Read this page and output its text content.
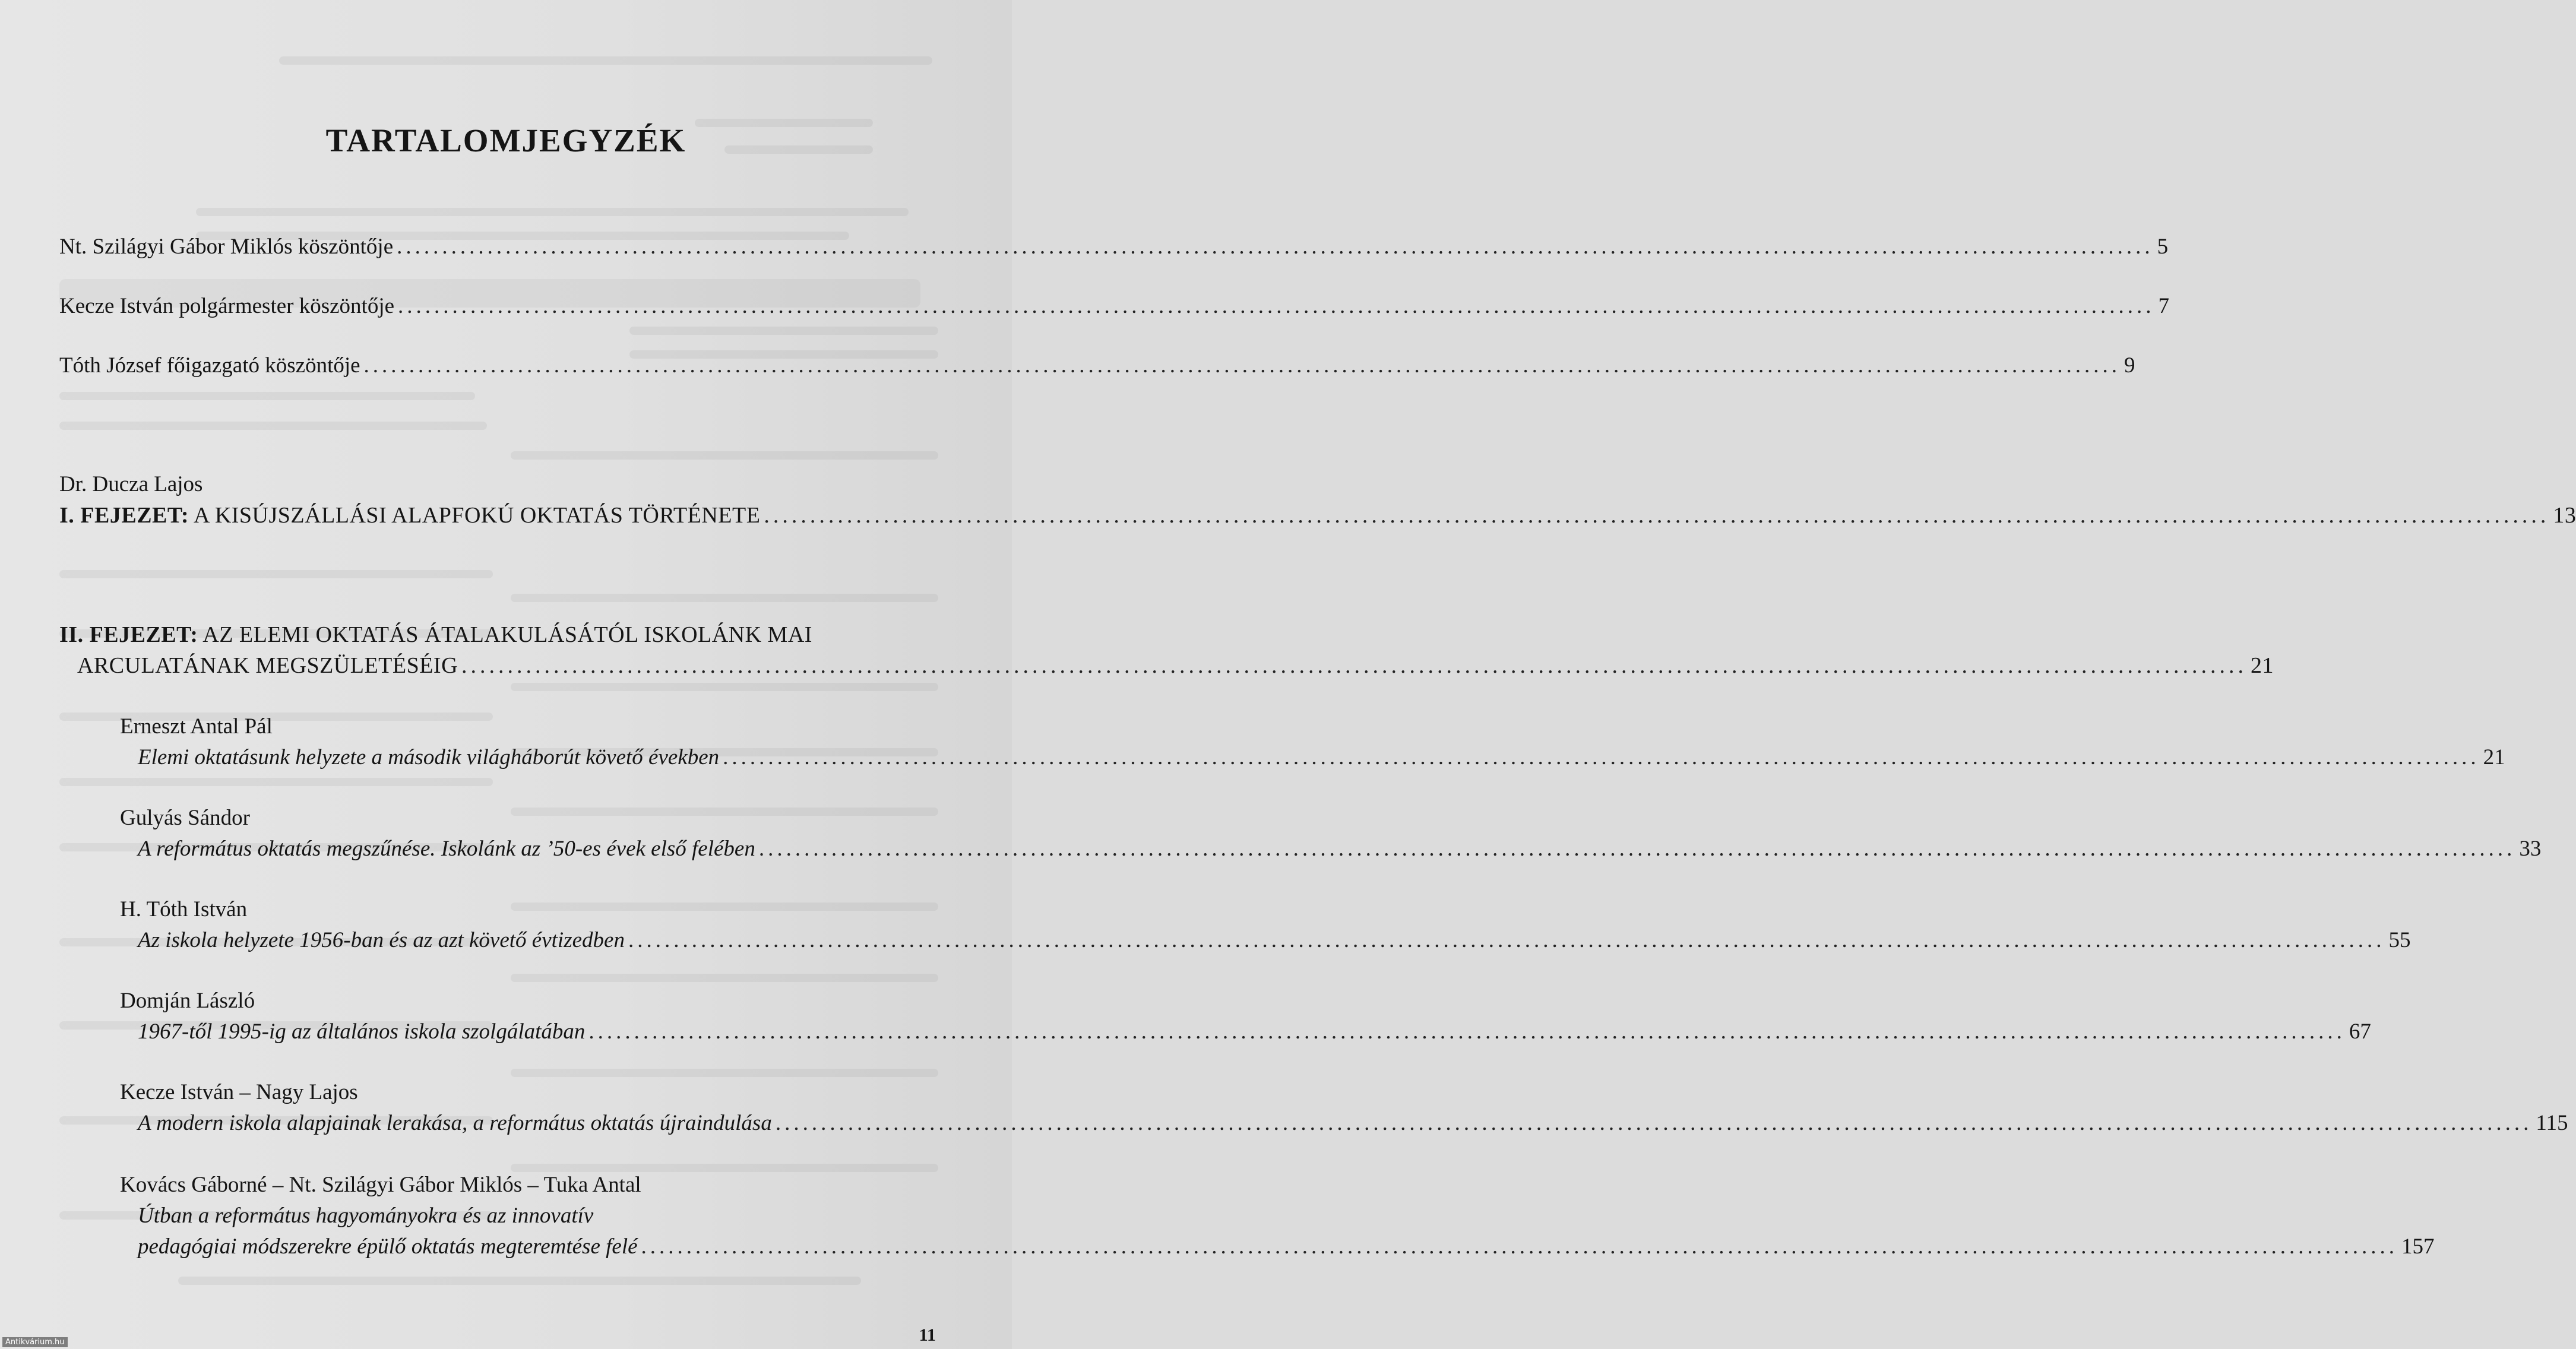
TARTALOMJEGYZÉK
Nt. Szilágyi Gábor Miklós köszöntője .................................................................................................................................................................................................. 5
Kecze István polgármester köszöntője .................................................................................................................................................................................................. 7
Tóth József főigazgató köszöntője .................................................................................................................................................................................................. 9
Dr. Ducza Lajos
I. FEJEZET: A KISÚJSZÁLLÁSI ALAPFOKÚ OKTATÁS TÖRTÉNETE .................................................................................................................................................................................................. 13
II. FEJEZET: AZ ELEMI OKTATÁS ÁTALAKULÁSÁTÓL ISKOLÁNK MAI
ARCULATÁNAK MEGSZÜLETÉSÉIG .................................................................................................................................................................................................. 21
Erneszt Antal Pál
Elemi oktatásunk helyzete a második világháborút követő években .................................................................................................................................................................................................. 21
Gulyás Sándor
A református oktatás megszűnése. Iskolánk az ’50-es évek első felében .................................................................................................................................................................................................. 33
H. Tóth István
Az iskola helyzete 1956-ban és az azt követő évtizedben .................................................................................................................................................................................................. 55
Domján László
1967-től 1995-ig az általános iskola szolgálatában .................................................................................................................................................................................................. 67
Kecze István – Nagy Lajos
A modern iskola alapjainak lerakása, a református oktatás újraindulása .................................................................................................................................................................................................. 115
Kovács Gáborné – Nt. Szilágyi Gábor Miklós – Tuka Antal
Útban a református hagyományokra és az innovatív
pedagógiai módszerekre épülő oktatás megteremtése felé .................................................................................................................................................................................................. 157
11
Antikvárium.hu
